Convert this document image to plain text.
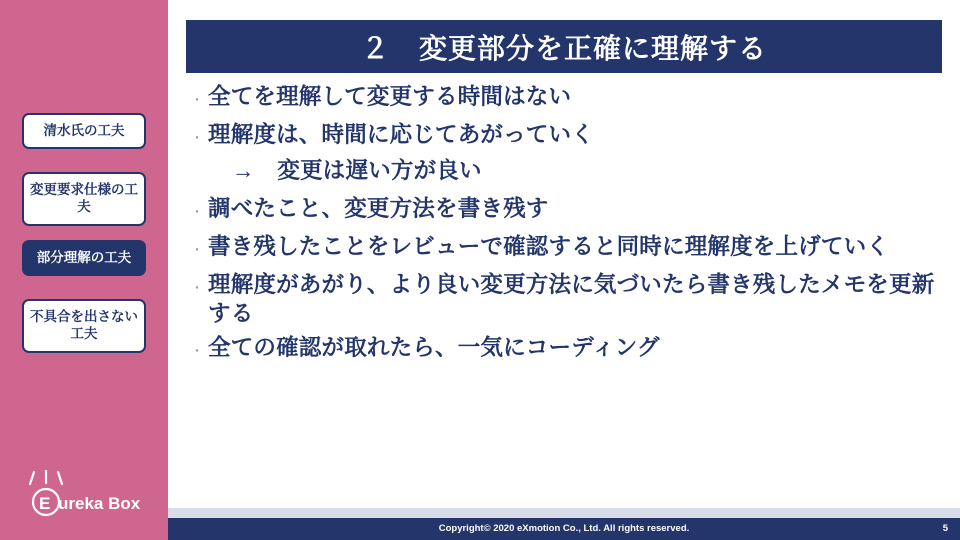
清水氏の工夫
変更要求仕様の工夫
部分理解の工夫
不具合を出さない工夫
E ureka Box
２　変更部分を正確に理解する
· 全てを理解して変更する時間はない
· 理解度は、時間に応じてあがっていく
→　変更は遅い方が良い
· 調べたこと、変更方法を書き残す
· 書き残したことをレビューで確認すると同時に理解度を上げていく
· 理解度があがり、より良い変更方法に気づいたら書き残したメモを更新する
· 全ての確認が取れたら、一気にコーディング
Copyright© 2020 eXmotion Co., Ltd. All rights reserved.	5
